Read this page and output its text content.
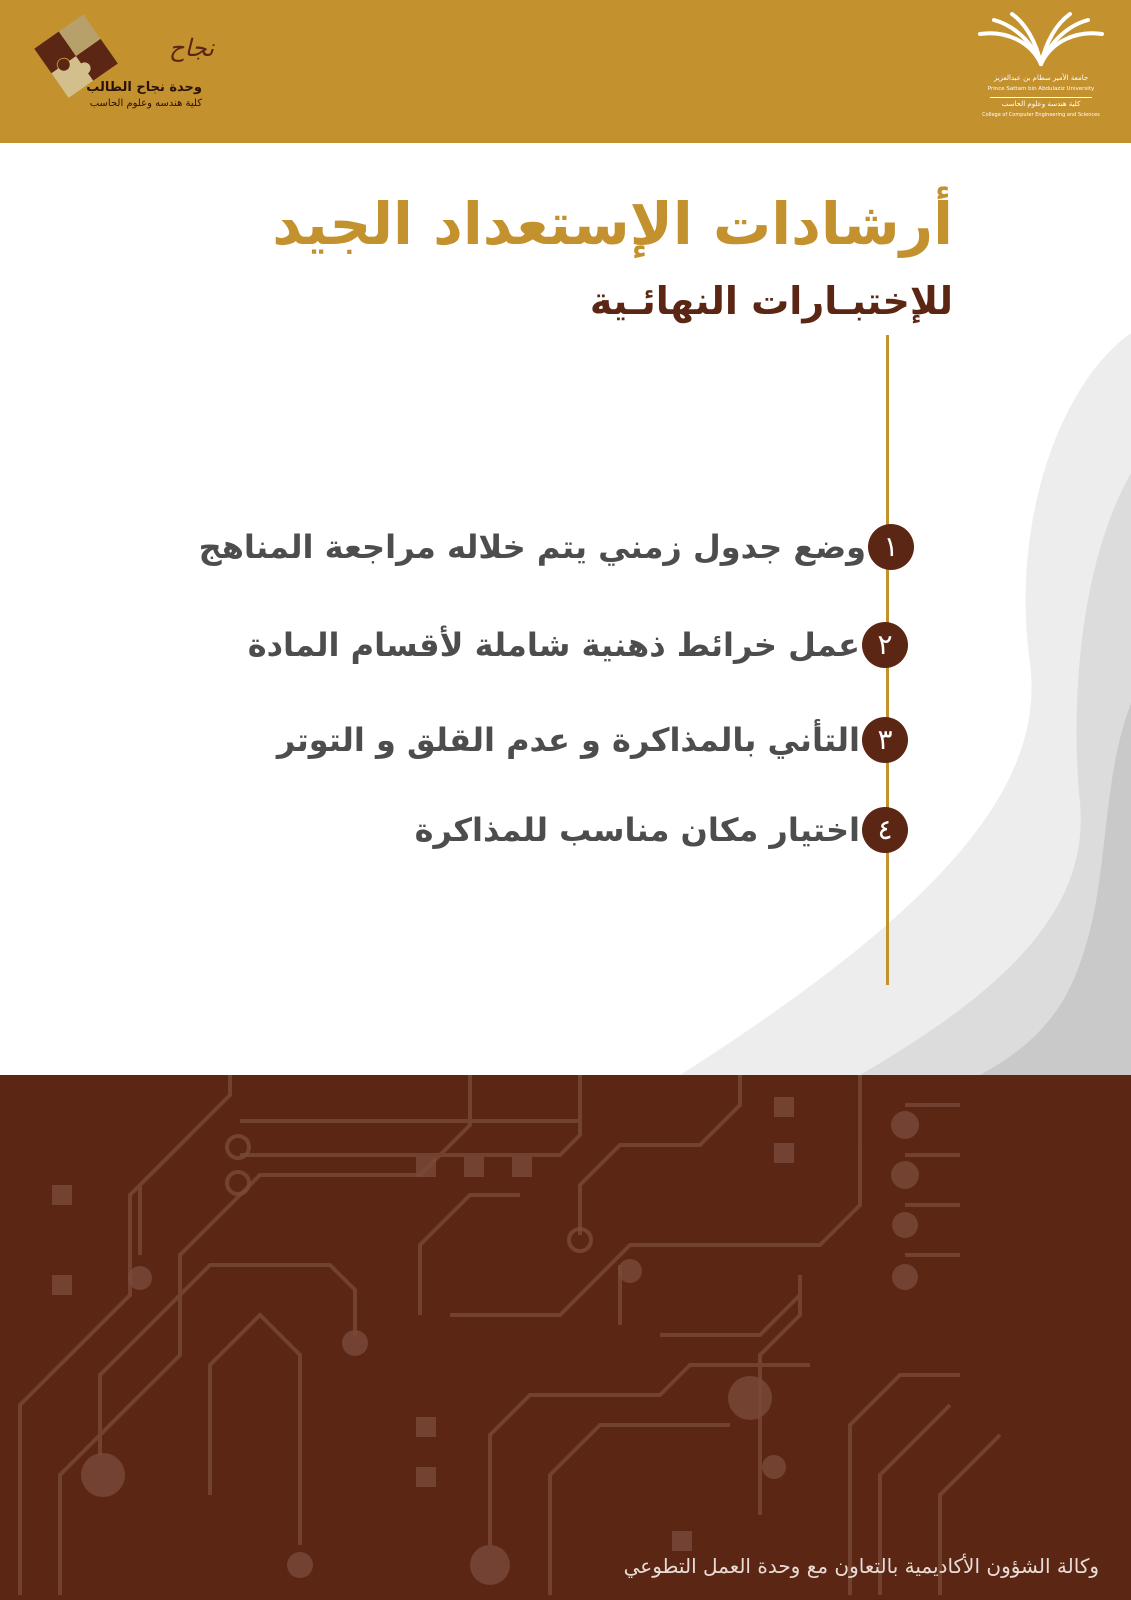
نجاح
وحدة نجاح الطالب
كلية هندسه وعلوم الحاسب
جامعة الأمير سطام بن عبدالعزيز
Prince Sattam bin Abdulaziz University
كلية هندسة وعلوم الحاسب
College of Computer Engineering and Sciences
أرشادات الإستعداد الجيد
للإختبـارات النهائـية
١
وضع جدول زمني يتم خلاله مراجعة المناهج
٢
عمل خرائط ذهنية شاملة لأقسام المادة
٣
التأني بالمذاكرة و عدم القلق و التوتر
٤
اختيار مكان مناسب للمذاكرة
وكالة الشؤون الأكاديمية بالتعاون مع وحدة العمل التطوعي
